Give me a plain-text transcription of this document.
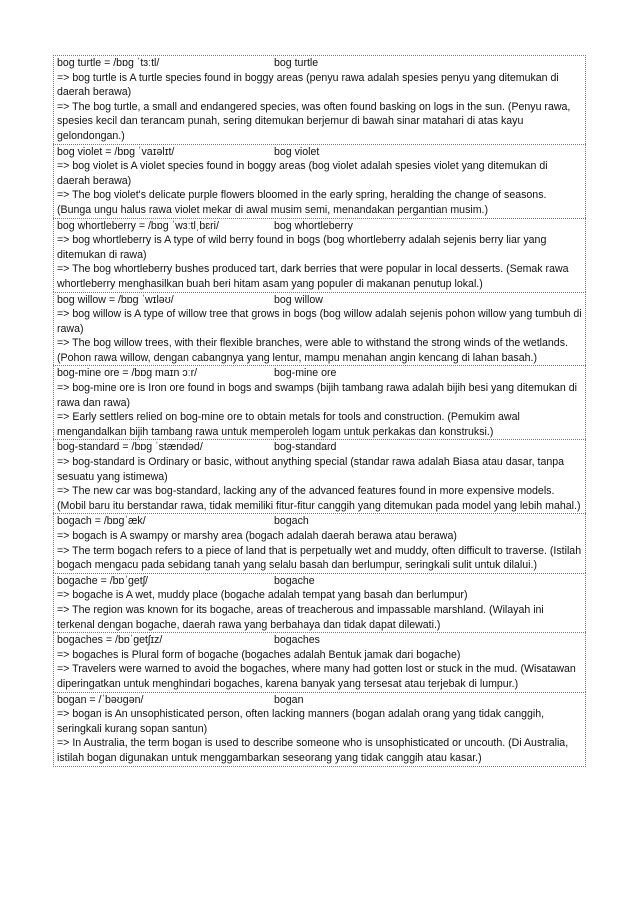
bog turtle = /bɒɡ ˈtɜːtl/	bog turtle
=> bog turtle is A turtle species found in boggy areas (penyu rawa adalah spesies penyu yang ditemukan di daerah berawa)
=> The bog turtle, a small and endangered species, was often found basking on logs in the sun. (Penyu rawa, spesies kecil dan terancam punah, sering ditemukan berjemur di bawah sinar matahari di atas kayu gelondongan.)
bog violet = /bɒɡ ˈvaɪəlɪt/	bog violet
=> bog violet is A violet species found in boggy areas (bog violet adalah spesies violet yang ditemukan di daerah berawa)
=> The bog violet's delicate purple flowers bloomed in the early spring, heralding the change of seasons. (Bunga ungu halus rawa violet mekar di awal musim semi, menandakan pergantian musim.)
bog whortleberry = /bɒɡ ˈwɜːtlˌbɛri/	bog whortleberry
=> bog whortleberry is A type of wild berry found in bogs (bog whortleberry adalah sejenis berry liar yang ditemukan di rawa)
=> The bog whortleberry bushes produced tart, dark berries that were popular in local desserts. (Semak rawa whortleberry menghasilkan buah beri hitam asam yang populer di makanan penutup lokal.)
bog willow = /bɒɡ ˈwɪləʊ/	bog willow
=> bog willow is A type of willow tree that grows in bogs (bog willow adalah sejenis pohon willow yang tumbuh di rawa)
=> The bog willow trees, with their flexible branches, were able to withstand the strong winds of the wetlands. (Pohon rawa willow, dengan cabangnya yang lentur, mampu menahan angin kencang di lahan basah.)
bog-mine ore = /bɒɡ maɪn ɔːr/	bog-mine ore
=> bog-mine ore is Iron ore found in bogs and swamps (bijih tambang rawa adalah bijih besi yang ditemukan di rawa dan rawa)
=> Early settlers relied on bog-mine ore to obtain metals for tools and construction. (Pemukim awal mengandalkan bijih tambang rawa untuk memperoleh logam untuk perkakas dan konstruksi.)
bog-standard = /bɒɡ ˈstændəd/	bog-standard
=> bog-standard is Ordinary or basic, without anything special (standar rawa adalah Biasa atau dasar, tanpa sesuatu yang istimewa)
=> The new car was bog-standard, lacking any of the advanced features found in more expensive models. (Mobil baru itu berstandar rawa, tidak memiliki fitur-fitur canggih yang ditemukan pada model yang lebih mahal.)
bogach = /bɒɡˈæk/	bogach
=> bogach is A swampy or marshy area (bogach adalah daerah berawa atau berawa)
=> The term bogach refers to a piece of land that is perpetually wet and muddy, often difficult to traverse. (Istilah bogach mengacu pada sebidang tanah yang selalu basah dan berlumpur, seringkali sulit untuk dilalui.)
bogache = /bɒˈɡetʃ/	bogache
=> bogache is A wet, muddy place (bogache adalah tempat yang basah dan berlumpur)
=> The region was known for its bogache, areas of treacherous and impassable marshland. (Wilayah ini terkenal dengan bogache, daerah rawa yang berbahaya dan tidak dapat dilewati.)
bogaches = /bɒˈɡetʃɪz/	bogaches
=> bogaches is Plural form of bogache (bogaches adalah Bentuk jamak dari bogache)
=> Travelers were warned to avoid the bogaches, where many had gotten lost or stuck in the mud. (Wisatawan diperingatkan untuk menghindari bogaches, karena banyak yang tersesat atau terjebak di lumpur.)
bogan = /ˈbəʊɡən/	bogan
=> bogan is An unsophisticated person, often lacking manners (bogan adalah orang yang tidak canggih, seringkali kurang sopan santun)
=> In Australia, the term bogan is used to describe someone who is unsophisticated or uncouth. (Di Australia, istilah bogan digunakan untuk menggambarkan seseorang yang tidak canggih atau kasar.)
